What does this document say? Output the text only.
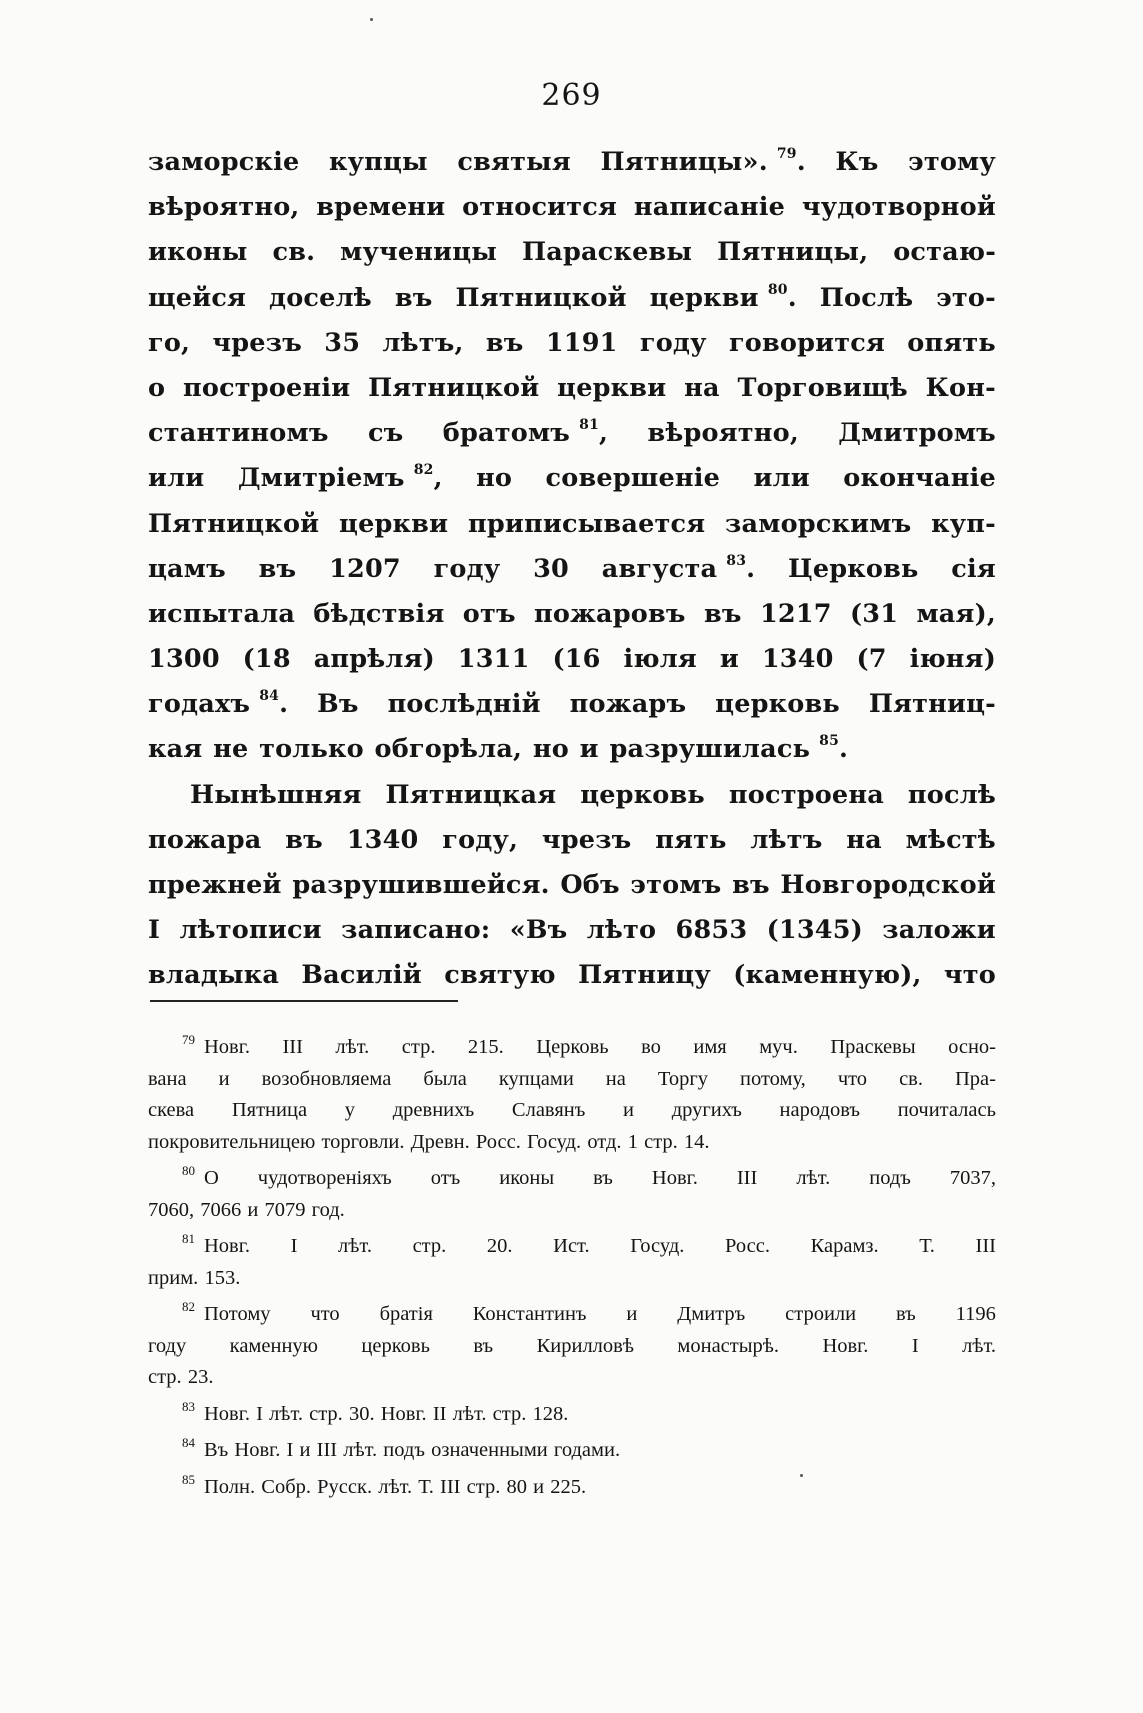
269
заморскіе купцы святыя Пятницы». $^{79}$. Къ этому
вѣроятно, времени относится написаніе чудотворной
иконы св. мученицы Параскевы Пятницы, остаю-
щейся доселѣ въ Пятницкой церкви $^{80}$. Послѣ это-
го, чрезъ 35 лѣтъ, въ 1191 году говорится опять
о построеніи Пятницкой церкви на Торговищѣ Кон-
стантиномъ съ братомъ $^{81}$, вѣроятно, Дмитромъ
или Дмитріемъ $^{82}$, но совершеніе или окончаніе
Пятницкой церкви приписывается заморскимъ куп-
цамъ въ 1207 году 30 августа $^{83}$. Церковь сія
испытала бѣдствія отъ пожаровъ въ 1217 (31 мая),
1300 (18 апрѣля) 1311 (16 іюля и 1340 (7 іюня)
годахъ $^{84}$. Въ послѣдній пожаръ церковь Пятниц-
кая не только обгорѣла, но и разрушилась $^{85}$.
Нынѣшняя Пятницкая церковь построена послѣ
пожара въ 1340 году, чрезъ пять лѣтъ на мѣстѣ
прежней разрушившейся. Объ этомъ въ Новгородской
I лѣтописи записано: «Въ лѣто 6853 (1345) заложи
владыка Василій святую Пятницу (каменную), что
$^{79}$ Новг. III лѣт. стр. 215. Церковь во имя муч. Праскевы осно-
вана и возобновляема была купцами на Торгу потому, что св. Пра-
скева Пятница у древнихъ Славянъ и другихъ народовъ почиталась
покровительницею торговли. Древн. Росс. Госуд. отд. 1 стр. 14.
$^{80}$ О чудотвореніяхъ отъ иконы въ Новг. III лѣт. подъ 7037,
7060, 7066 и 7079 год.
$^{81}$ Новг. I лѣт. стр. 20. Ист. Госуд. Росс. Карамз. Т. III
прим. 153.
$^{82}$ Потому что братія Константинъ и Дмитръ строили въ 1196
году каменную церковь въ Кирилловѣ монастырѣ. Новг. I лѣт.
стр. 23.
$^{83}$ Новг. I лѣт. стр. 30. Новг. II лѣт. стр. 128.
$^{84}$ Въ Новг. I и III лѣт. подъ означенными годами.
$^{85}$ Полн. Собр. Русск. лѣт. Т. III стр. 80 и 225.
